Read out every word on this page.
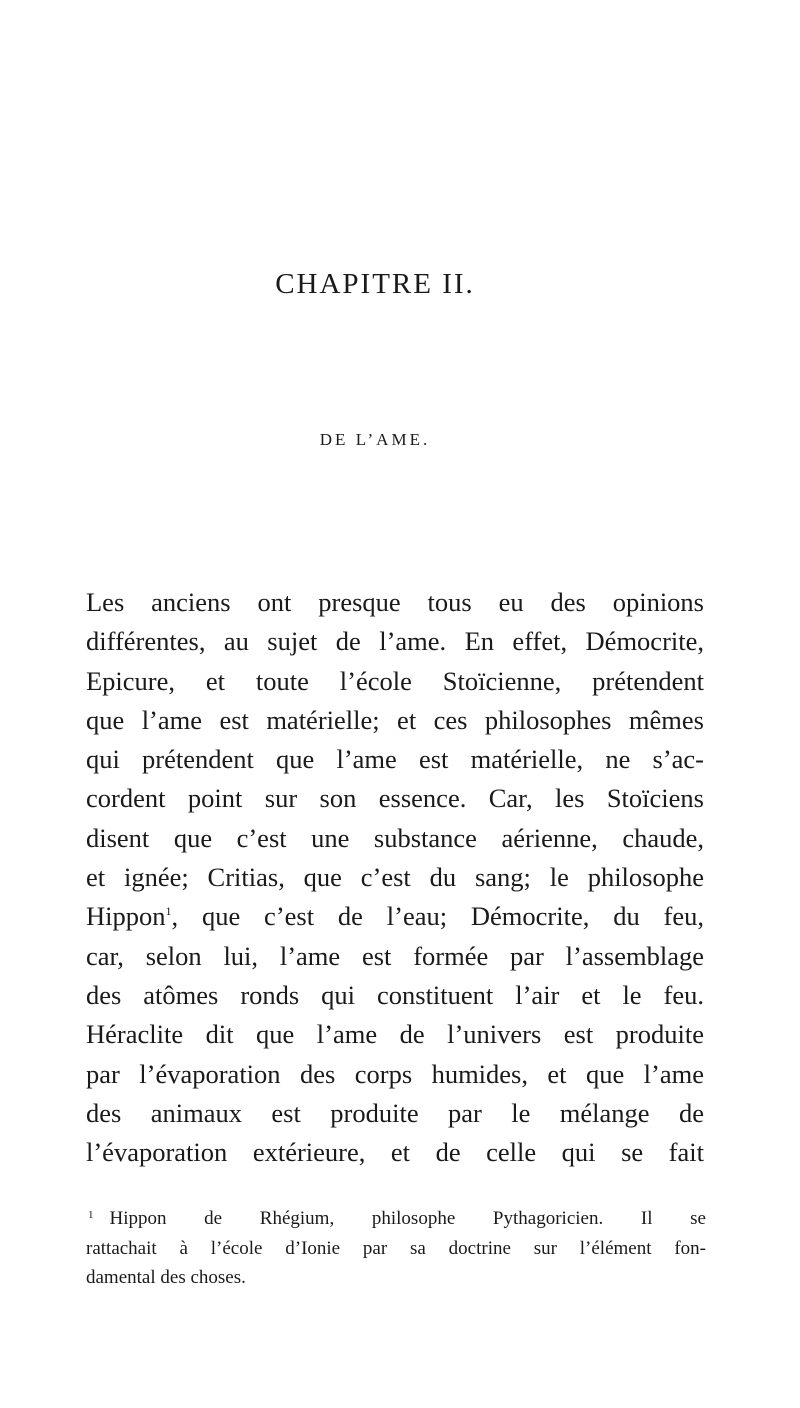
CHAPITRE II.
DE L’AME.
Les anciens ont presque tous eu des opinions
différentes, au sujet de l’ame. En effet, Démocrite,
Epicure, et toute l’école Stoïcienne, prétendent
que l’ame est matérielle; et ces philosophes mêmes
qui prétendent que l’ame est matérielle, ne s’ac-
cordent point sur son essence. Car, les Stoïciens
disent que c’est une substance aérienne, chaude,
et ignée; Critias, que c’est du sang; le philosophe
Hippon$^1$, que c’est de l’eau; Démocrite, du feu,
car, selon lui, l’ame est formée par l’assemblage
des atômes ronds qui constituent l’air et le feu.
Héraclite dit que l’ame de l’univers est produite
par l’évaporation des corps humides, et que l’ame
des animaux est produite par le mélange de
l’évaporation extérieure, et de celle qui se fait
$^1$ Hippon de Rhégium, philosophe Pythagoricien. Il se
rattachait à l’école d’Ionie par sa doctrine sur l’élément fon-
damental des choses.
